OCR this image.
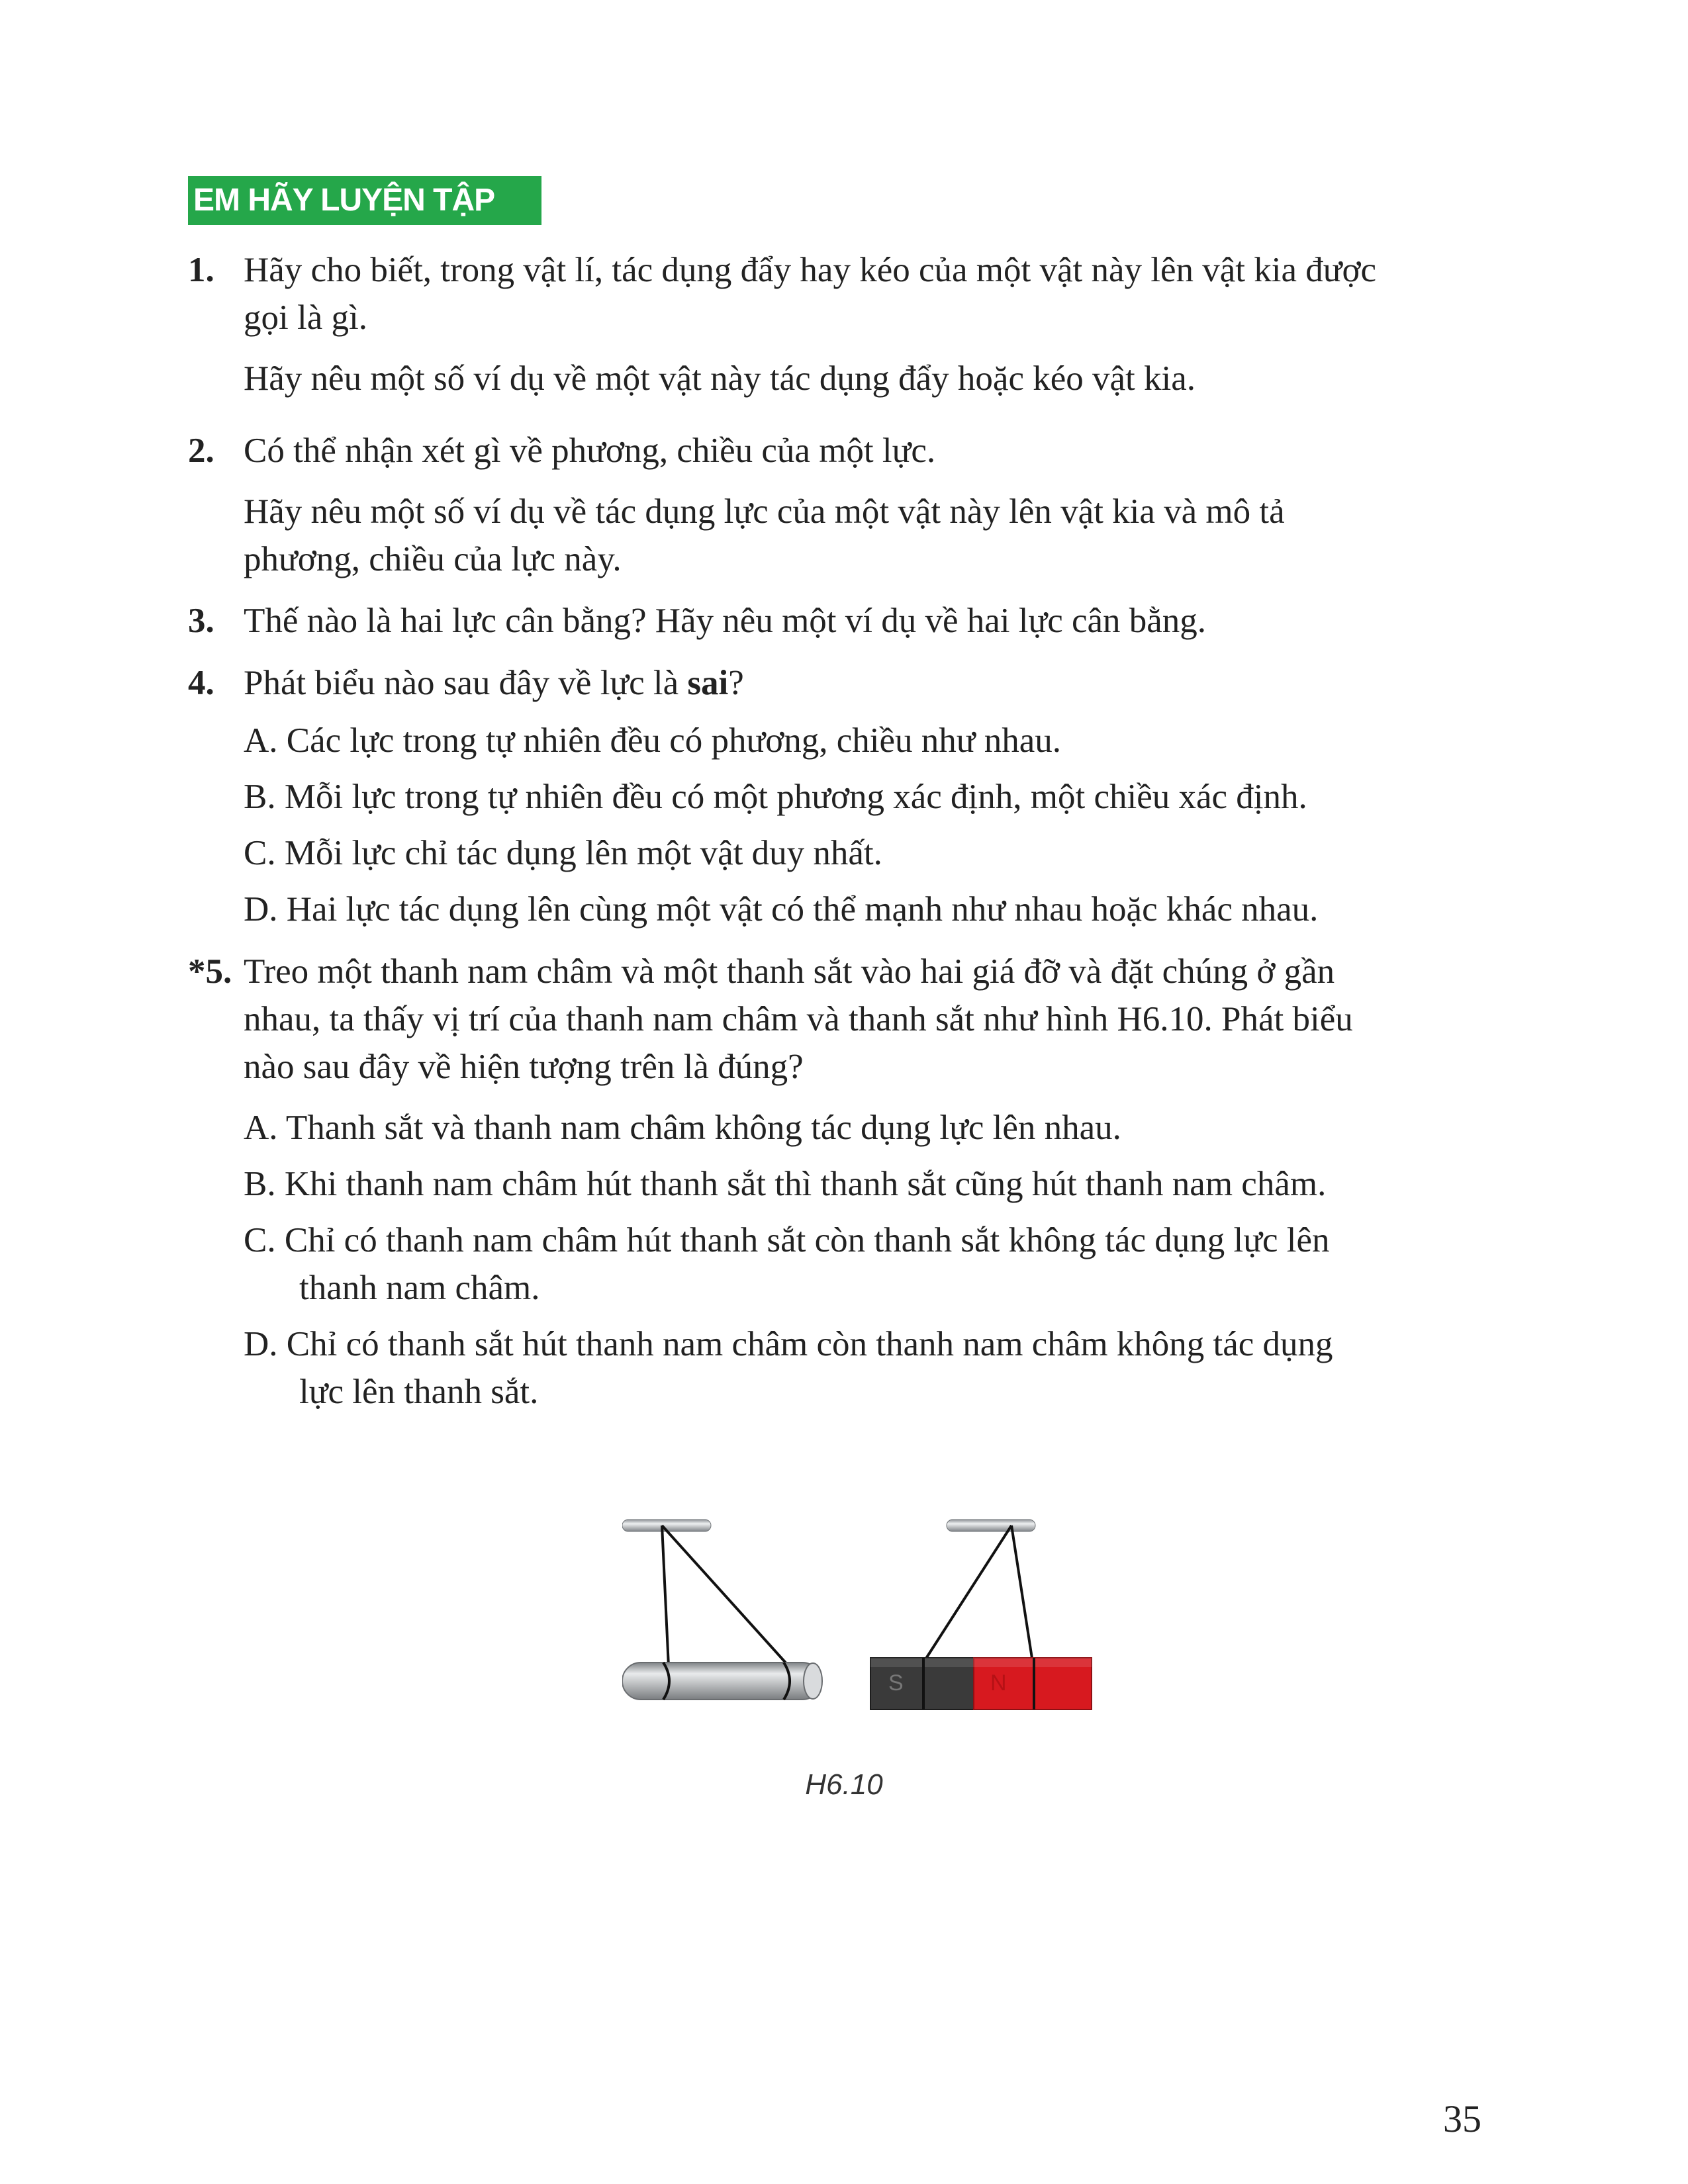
EM HÃY LUYỆN TẬP
1. Hãy cho biết, trong vật lí, tác dụng đẩy hay kéo của một vật này lên vật kia được
gọi là gì.
Hãy nêu một số ví dụ về một vật này tác dụng đẩy hoặc kéo vật kia.
2. Có thể nhận xét gì về phương, chiều của một lực.
Hãy nêu một số ví dụ về tác dụng lực của một vật này lên vật kia và mô tả
phương, chiều của lực này.
3. Thế nào là hai lực cân bằng? Hãy nêu một ví dụ về hai lực cân bằng.
4. Phát biểu nào sau đây về lực là sai?
A. Các lực trong tự nhiên đều có phương, chiều như nhau.
B. Mỗi lực trong tự nhiên đều có một phương xác định, một chiều xác định.
C. Mỗi lực chỉ tác dụng lên một vật duy nhất.
D. Hai lực tác dụng lên cùng một vật có thể mạnh như nhau hoặc khác nhau.
*5. Treo một thanh nam châm và một thanh sắt vào hai giá đỡ và đặt chúng ở gần
nhau, ta thấy vị trí của thanh nam châm và thanh sắt như hình H6.10. Phát biểu
nào sau đây về hiện tượng trên là đúng?
A. Thanh sắt và thanh nam châm không tác dụng lực lên nhau.
B. Khi thanh nam châm hút thanh sắt thì thanh sắt cũng hút thanh nam châm.
C. Chỉ có thanh nam châm hút thanh sắt còn thanh sắt không tác dụng lực lên
thanh nam châm.
D. Chỉ có thanh sắt hút thanh nam châm còn thanh nam châm không tác dụng
lực lên thanh sắt.
S	N
H6.10
35
